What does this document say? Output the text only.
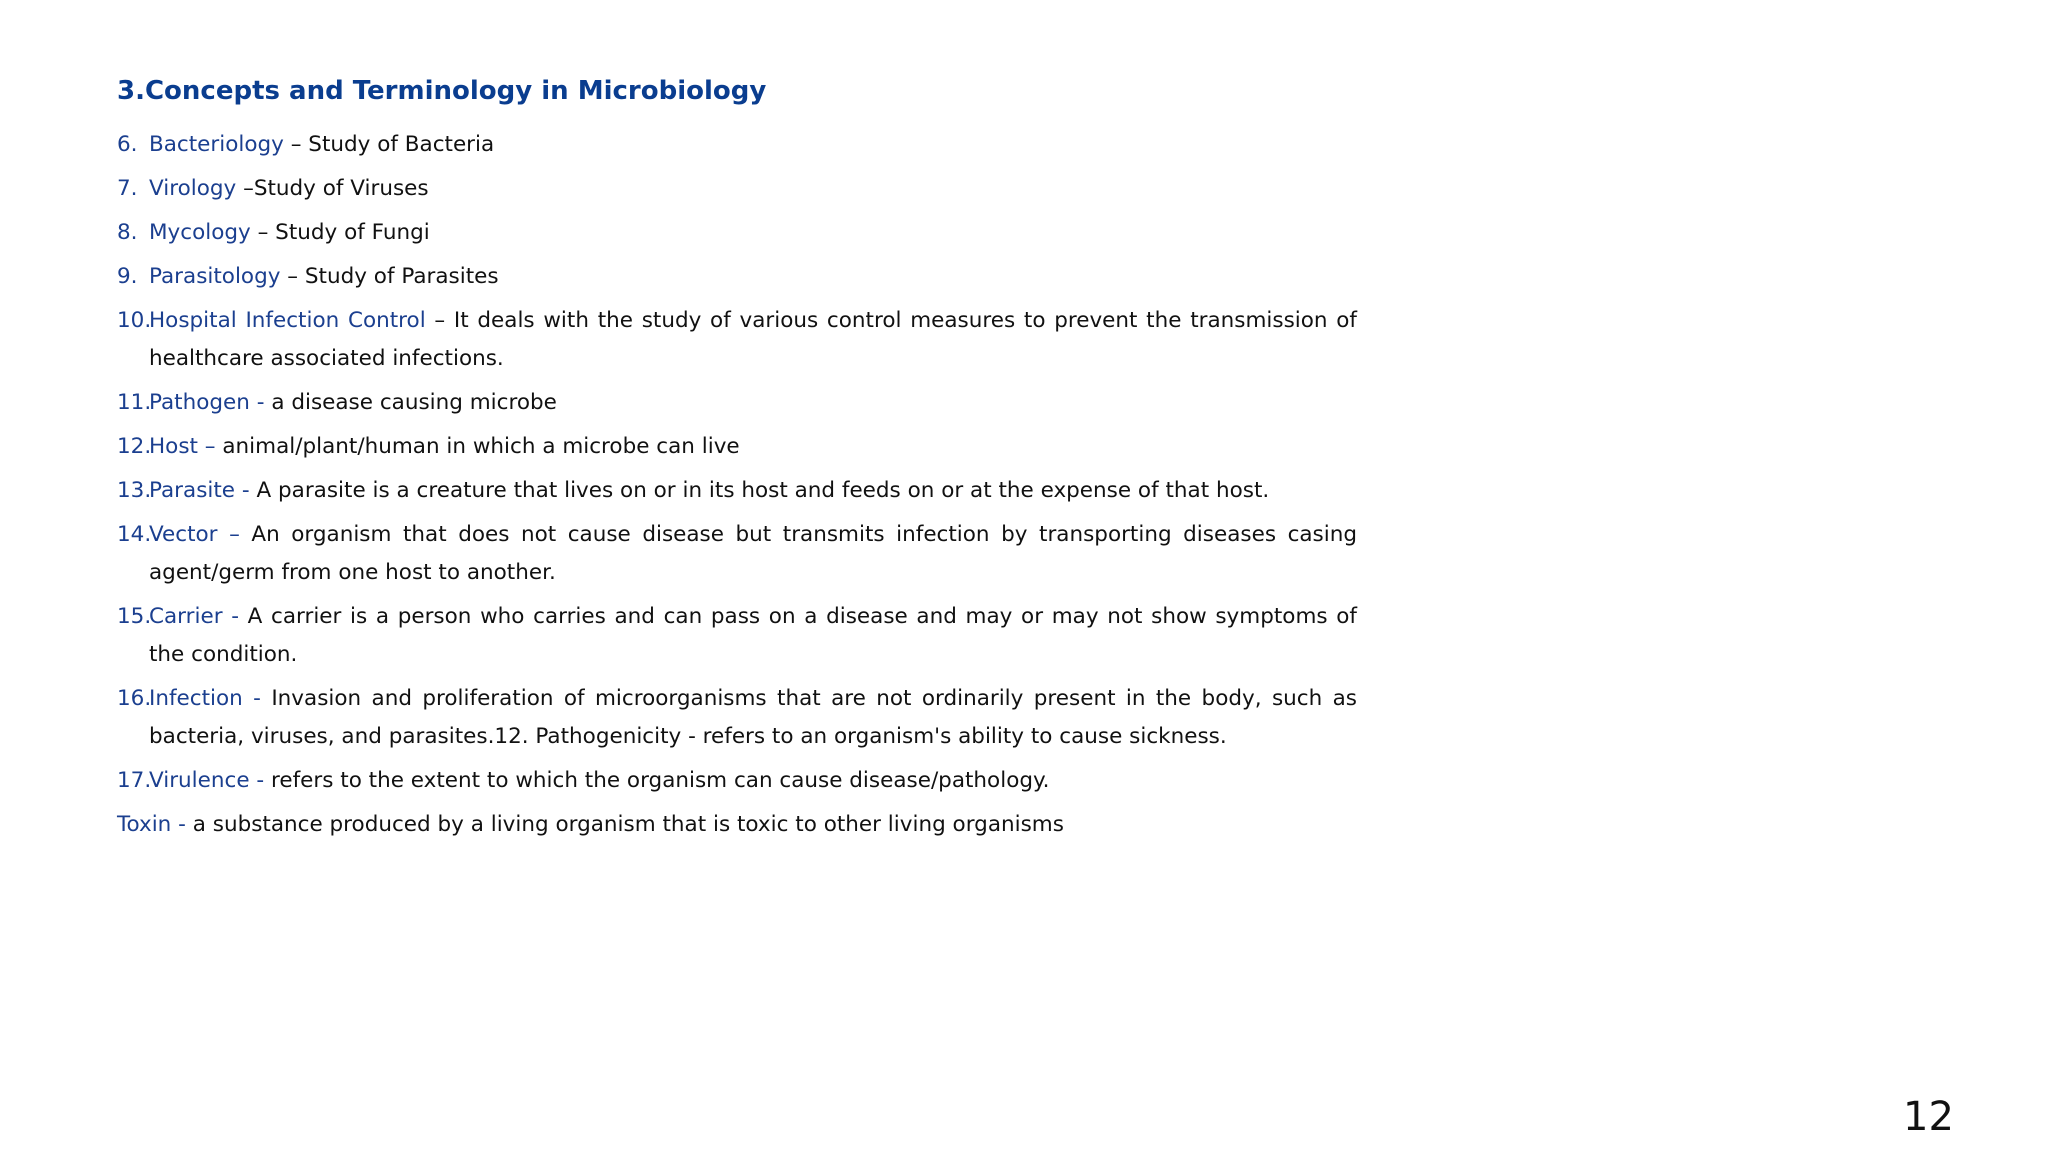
3.Concepts and Terminology in Microbiology
6. Bacteriology – Study of Bacteria
7. Virology –Study of Viruses
8. Mycology – Study of Fungi
9. Parasitology – Study of Parasites
10.
Hospital Infection Control – It deals with the study of various control measures to prevent the transmission of healthcare associated infections.
11.
Pathogen - a disease causing microbe
12.
Host – animal/plant/human in which a microbe can live
13.
Parasite - A parasite is a creature that lives on or in its host and feeds on or at the expense of that host.
14.
Vector – An organism that does not cause disease but transmits infection by transporting diseases casing agent/germ from one host to another.
15.
Carrier - A carrier is a person who carries and can pass on a disease and may or may not show symptoms of the condition.
16.
Infection - Invasion and proliferation of microorganisms that are not ordinarily present in the body, such as bacteria, viruses, and parasites.12. Pathogenicity - refers to an organism's ability to cause sickness.
17.
Virulence - refers to the extent to which the organism can cause disease/pathology.
Toxin - a substance produced by a living organism that is toxic to other living organisms
12
